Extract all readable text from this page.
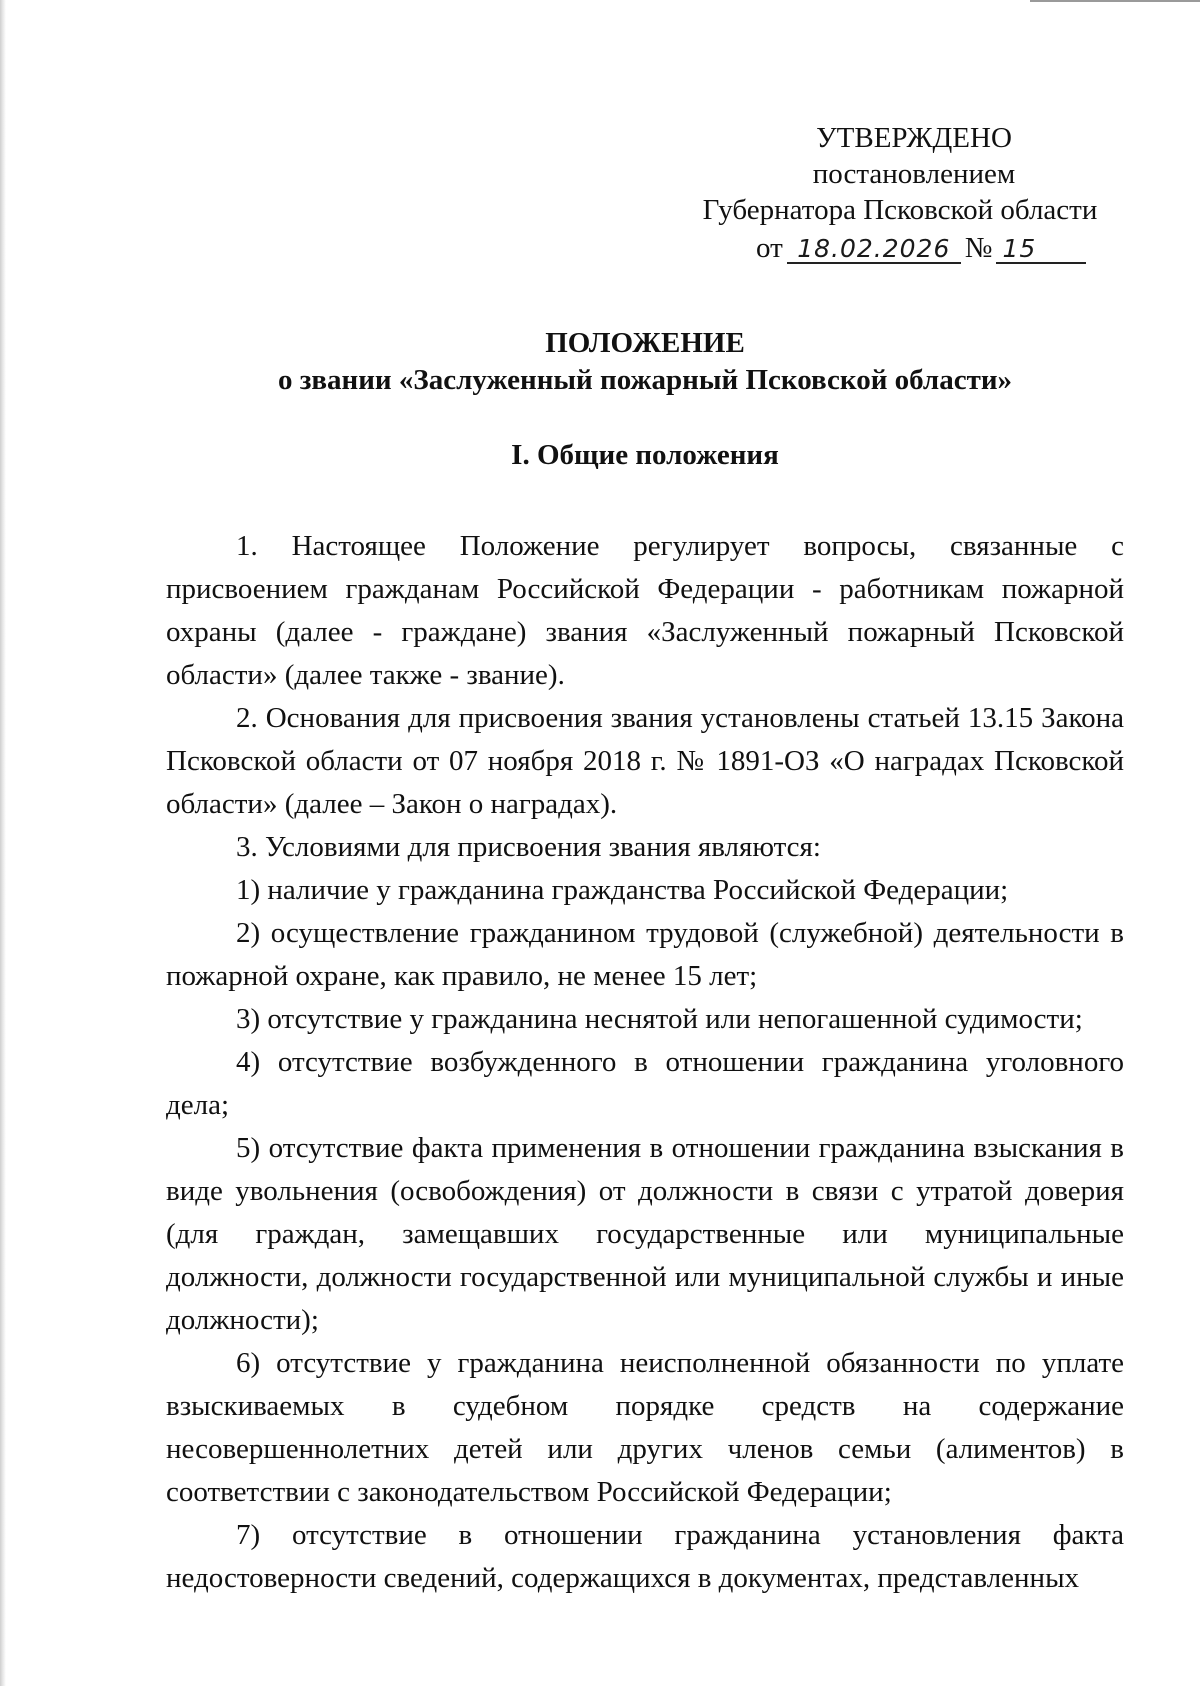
УТВЕРЖДЕНО
постановлением
Губернатора Псковской области
от 18.02.2026 № 15
ПОЛОЖЕНИЕ
о звании «Заслуженный пожарный Псковской области»
I. Общие положения

1. Настоящее Положение регулирует вопросы, связанные с присвоением гражданам Российской Федерации - работникам пожарной охраны (далее - граждане) звания «Заслуженный пожарный Псковской области» (далее также - звание).

2. Основания для присвоения звания установлены статьей 13.15 Закона Псковской области от 07 ноября 2018 г. № 1891-ОЗ «О наградах Псковской области» (далее – Закон о наградах).

3. Условиями для присвоения звания являются:

1) наличие у гражданина гражданства Российской Федерации;

2) осуществление гражданином трудовой (служебной) деятельности в пожарной охране, как правило, не менее 15 лет;

3) отсутствие у гражданина неснятой или непогашенной судимости;

4) отсутствие возбужденного в отношении гражданина уголовного дела;

5) отсутствие факта применения в отношении гражданина взыскания в виде увольнения (освобождения) от должности в связи с утратой доверия (для граждан, замещавших государственные или муниципальные должности, должности государственной или муниципальной службы и иные должности);

6) отсутствие у гражданина неисполненной обязанности по уплате взыскиваемых в судебном порядке средств на содержание несовершеннолетних детей или других членов семьи (алиментов) в соответствии с законодательством Российской Федерации;

7) отсутствие в отношении гражданина установления факта недостоверности сведений, содержащихся в документах, представленных
